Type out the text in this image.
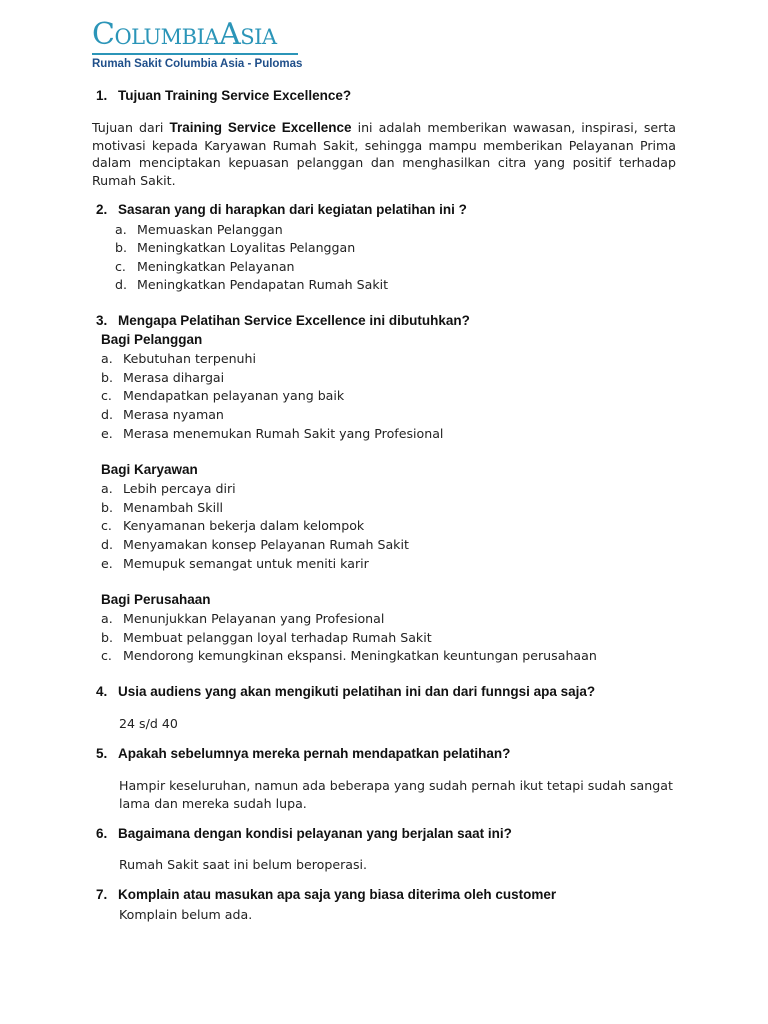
COLUMBIAASIA
Rumah Sakit Columbia Asia - Pulomas
1. Tujuan Training Service Excellence?
Tujuan dari Training Service Excellence ini adalah memberikan wawasan, inspirasi, serta motivasi kepada Karyawan Rumah Sakit, sehingga mampu memberikan Pelayanan Prima dalam menciptakan kepuasan pelanggan dan menghasilkan citra yang positif terhadap Rumah Sakit.
2. Sasaran yang di harapkan dari kegiatan pelatihan ini ?
a. Memuaskan Pelanggan
b. Meningkatkan Loyalitas Pelanggan
c. Meningkatkan Pelayanan
d. Meningkatkan Pendapatan Rumah Sakit
3. Mengapa Pelatihan Service Excellence ini dibutuhkan?
Bagi Pelanggan
a. Kebutuhan terpenuhi
b. Merasa dihargai
c. Mendapatkan pelayanan yang baik
d. Merasa nyaman
e. Merasa menemukan Rumah Sakit yang Profesional
Bagi Karyawan
a. Lebih percaya diri
b. Menambah Skill
c. Kenyamanan bekerja dalam kelompok
d. Menyamakan konsep Pelayanan Rumah Sakit
e. Memupuk semangat untuk meniti karir
Bagi Perusahaan
a. Menunjukkan Pelayanan yang Profesional
b. Membuat pelanggan loyal terhadap Rumah Sakit
c. Mendorong kemungkinan ekspansi. Meningkatkan keuntungan perusahaan
4. Usia audiens yang akan mengikuti pelatihan ini dan dari funngsi apa saja?
24 s/d 40
5. Apakah sebelumnya mereka pernah mendapatkan pelatihan?
Hampir keseluruhan, namun ada beberapa yang sudah pernah ikut tetapi sudah sangat lama dan mereka sudah lupa.
6. Bagaimana dengan kondisi pelayanan yang berjalan saat ini?
Rumah Sakit saat ini belum beroperasi.
7. Komplain atau masukan apa saja yang biasa diterima oleh customer
Komplain belum ada.
